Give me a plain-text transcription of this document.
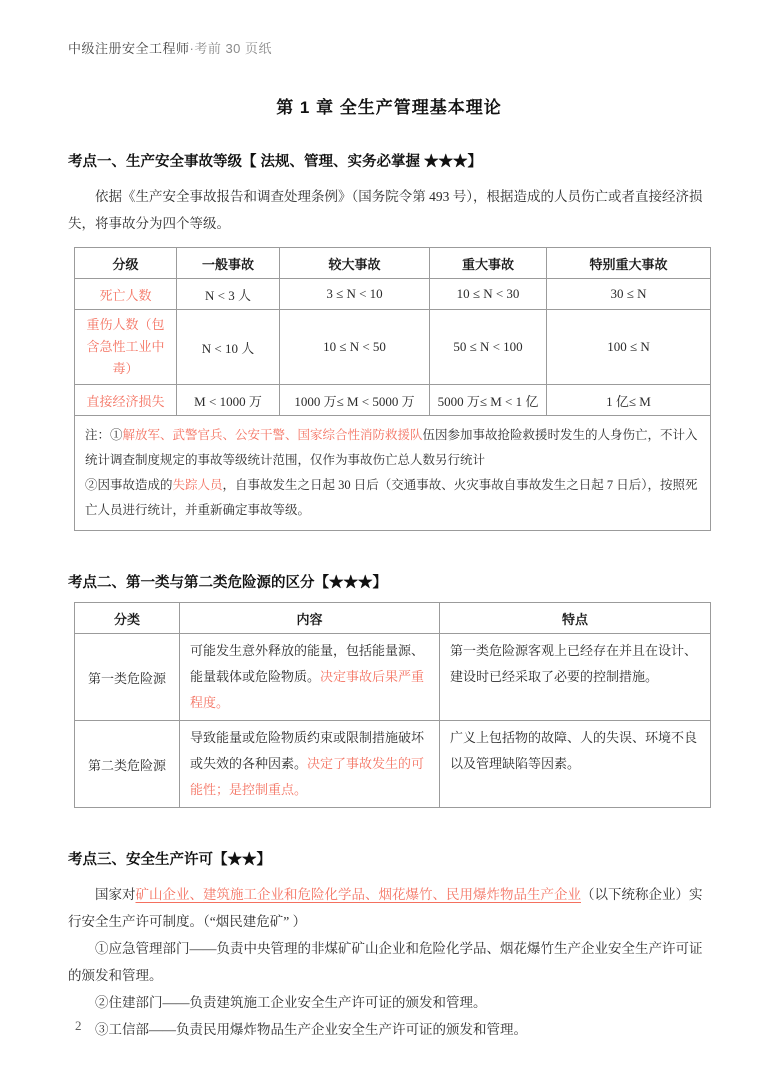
中级注册安全工程师·考前 30 页纸
第 1 章 全生产管理基本理论
考点一、生产安全事故等级【 法规、管理、实务必掌握 ★★★】

依据《生产安全事故报告和调查处理条例》（国务院令第 493 号），根据造成的人员伤亡或者直接经济损失，将事故分为四个等级。

分级	一般事故	较大事故	重大事故	特别重大事故
死亡人数	N < 3 人	3 ≤ N < 10	10 ≤ N < 30	30 ≤ N
重伤人数（包含急性工业中毒）	N < 10 人	10 ≤ N < 50	50 ≤ N < 100	100 ≤ N
直接经济损失	M < 1000 万	1000 万≤ M < 5000 万	5000 万≤ M < 1 亿	1 亿≤ M

注：①解放军、武警官兵、公安干警、国家综合性消防救援队伍因参加事故抢险救援时发生的人身伤亡，不计入统计调查制度规定的事故等级统计范围，仅作为事故伤亡总人数另行统计

②因事故造成的失踪人员，自事故发生之日起 30 日后（交通事故、火灾事故自事故发生之日起 7 日后），按照死亡人员进行统计，并重新确定事故等级。				

考点二、第一类与第二类危险源的区分【★★★】
分类	内容	特点
第一类危险源	可能发生意外释放的能量，包括能量源、能量载体或危险物质。决定事故后果严重程度。	第一类危险源客观上已经存在并且在设计、建设时已经采取了必要的控制措施。
第二类危险源	导致能量或危险物质约束或限制措施破坏或失效的各种因素。决定了事故发生的可能性；是控制重点。	广义上包括物的故障、人的失误、环境不良以及管理缺陷等因素。
考点三、安全生产许可【★★】

国家对矿山企业、建筑施工企业和危险化学品、烟花爆竹、民用爆炸物品生产企业（以下统称企业）实行安全生产许可制度。（“烟民建危矿” ）

①应急管理部门——负责中央管理的非煤矿矿山企业和危险化学品、烟花爆竹生产企业安全生产许可证的颁发和管理。

②住建部门——负责建筑施工企业安全生产许可证的颁发和管理。

③工信部——负责民用爆炸物品生产企业安全生产许可证的颁发和管理。

2
